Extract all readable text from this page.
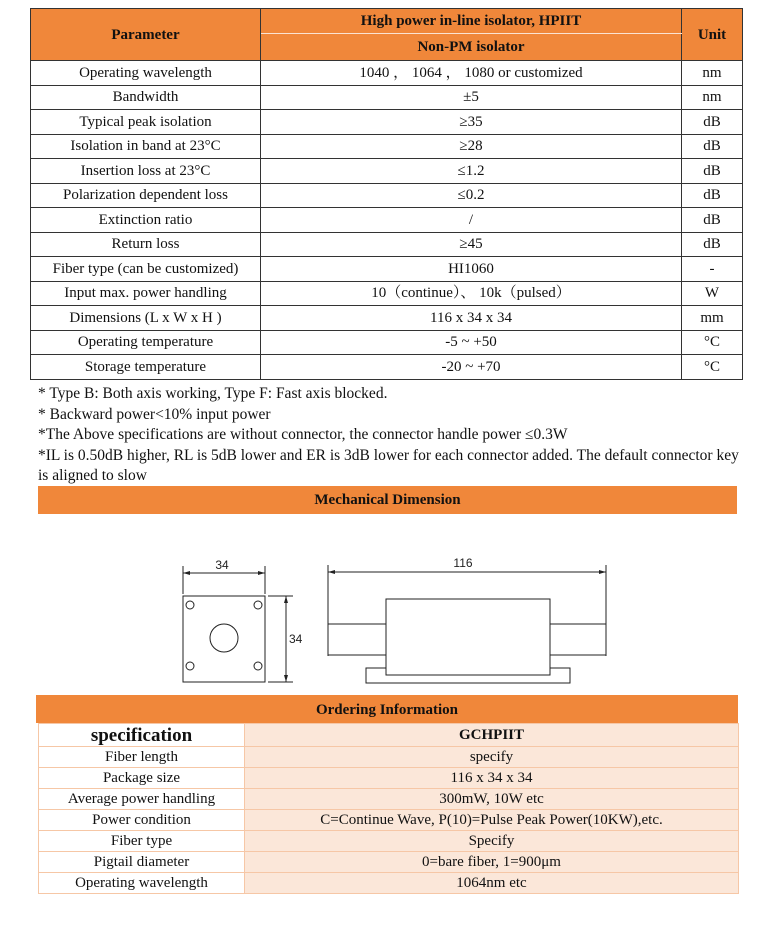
Parameter	High power in-line isolator, HPIIT	Unit
	Non-PM isolator	
Operating wavelength	1040 ， 1064 ， 1080 or customized	nm
Bandwidth	±5	nm
Typical peak isolation	≥35	dB
Isolation in band at 23°C	≥28	dB
Insertion loss at 23°C	≤1.2	dB
Polarization dependent loss	≤0.2	dB
Extinction ratio	/	dB
Return loss	≥45	dB
Fiber type (can be customized)	HI1060	-
Input max. power handling	10（continue）、 10k（pulsed）	W
Dimensions (L x W x H )	116 x 34 x 34	mm
Operating temperature	-5 ~ +50	°C
Storage temperature	-20 ~ +70	°C
* Type B: Both axis working, Type F: Fast axis blocked.
* Backward power<10% input power
*The Above specifications are without connector, the connector handle power ≤0.3W
*IL is 0.50dB higher, RL is 5dB lower and ER is 3dB lower for each connector added. The default connector key is aligned to slow
Mechanical Dimension
34
34
116
Ordering Information
specification	GCHPIIT
Fiber length	specify
Package size	116 x 34 x 34
Average power handling	300mW, 10W etc
Power condition	C=Continue Wave, P(10)=Pulse Peak Power(10KW),etc.
Fiber type	Specify
Pigtail diameter	0=bare fiber, 1=900μm
Operating wavelength	1064nm etc
